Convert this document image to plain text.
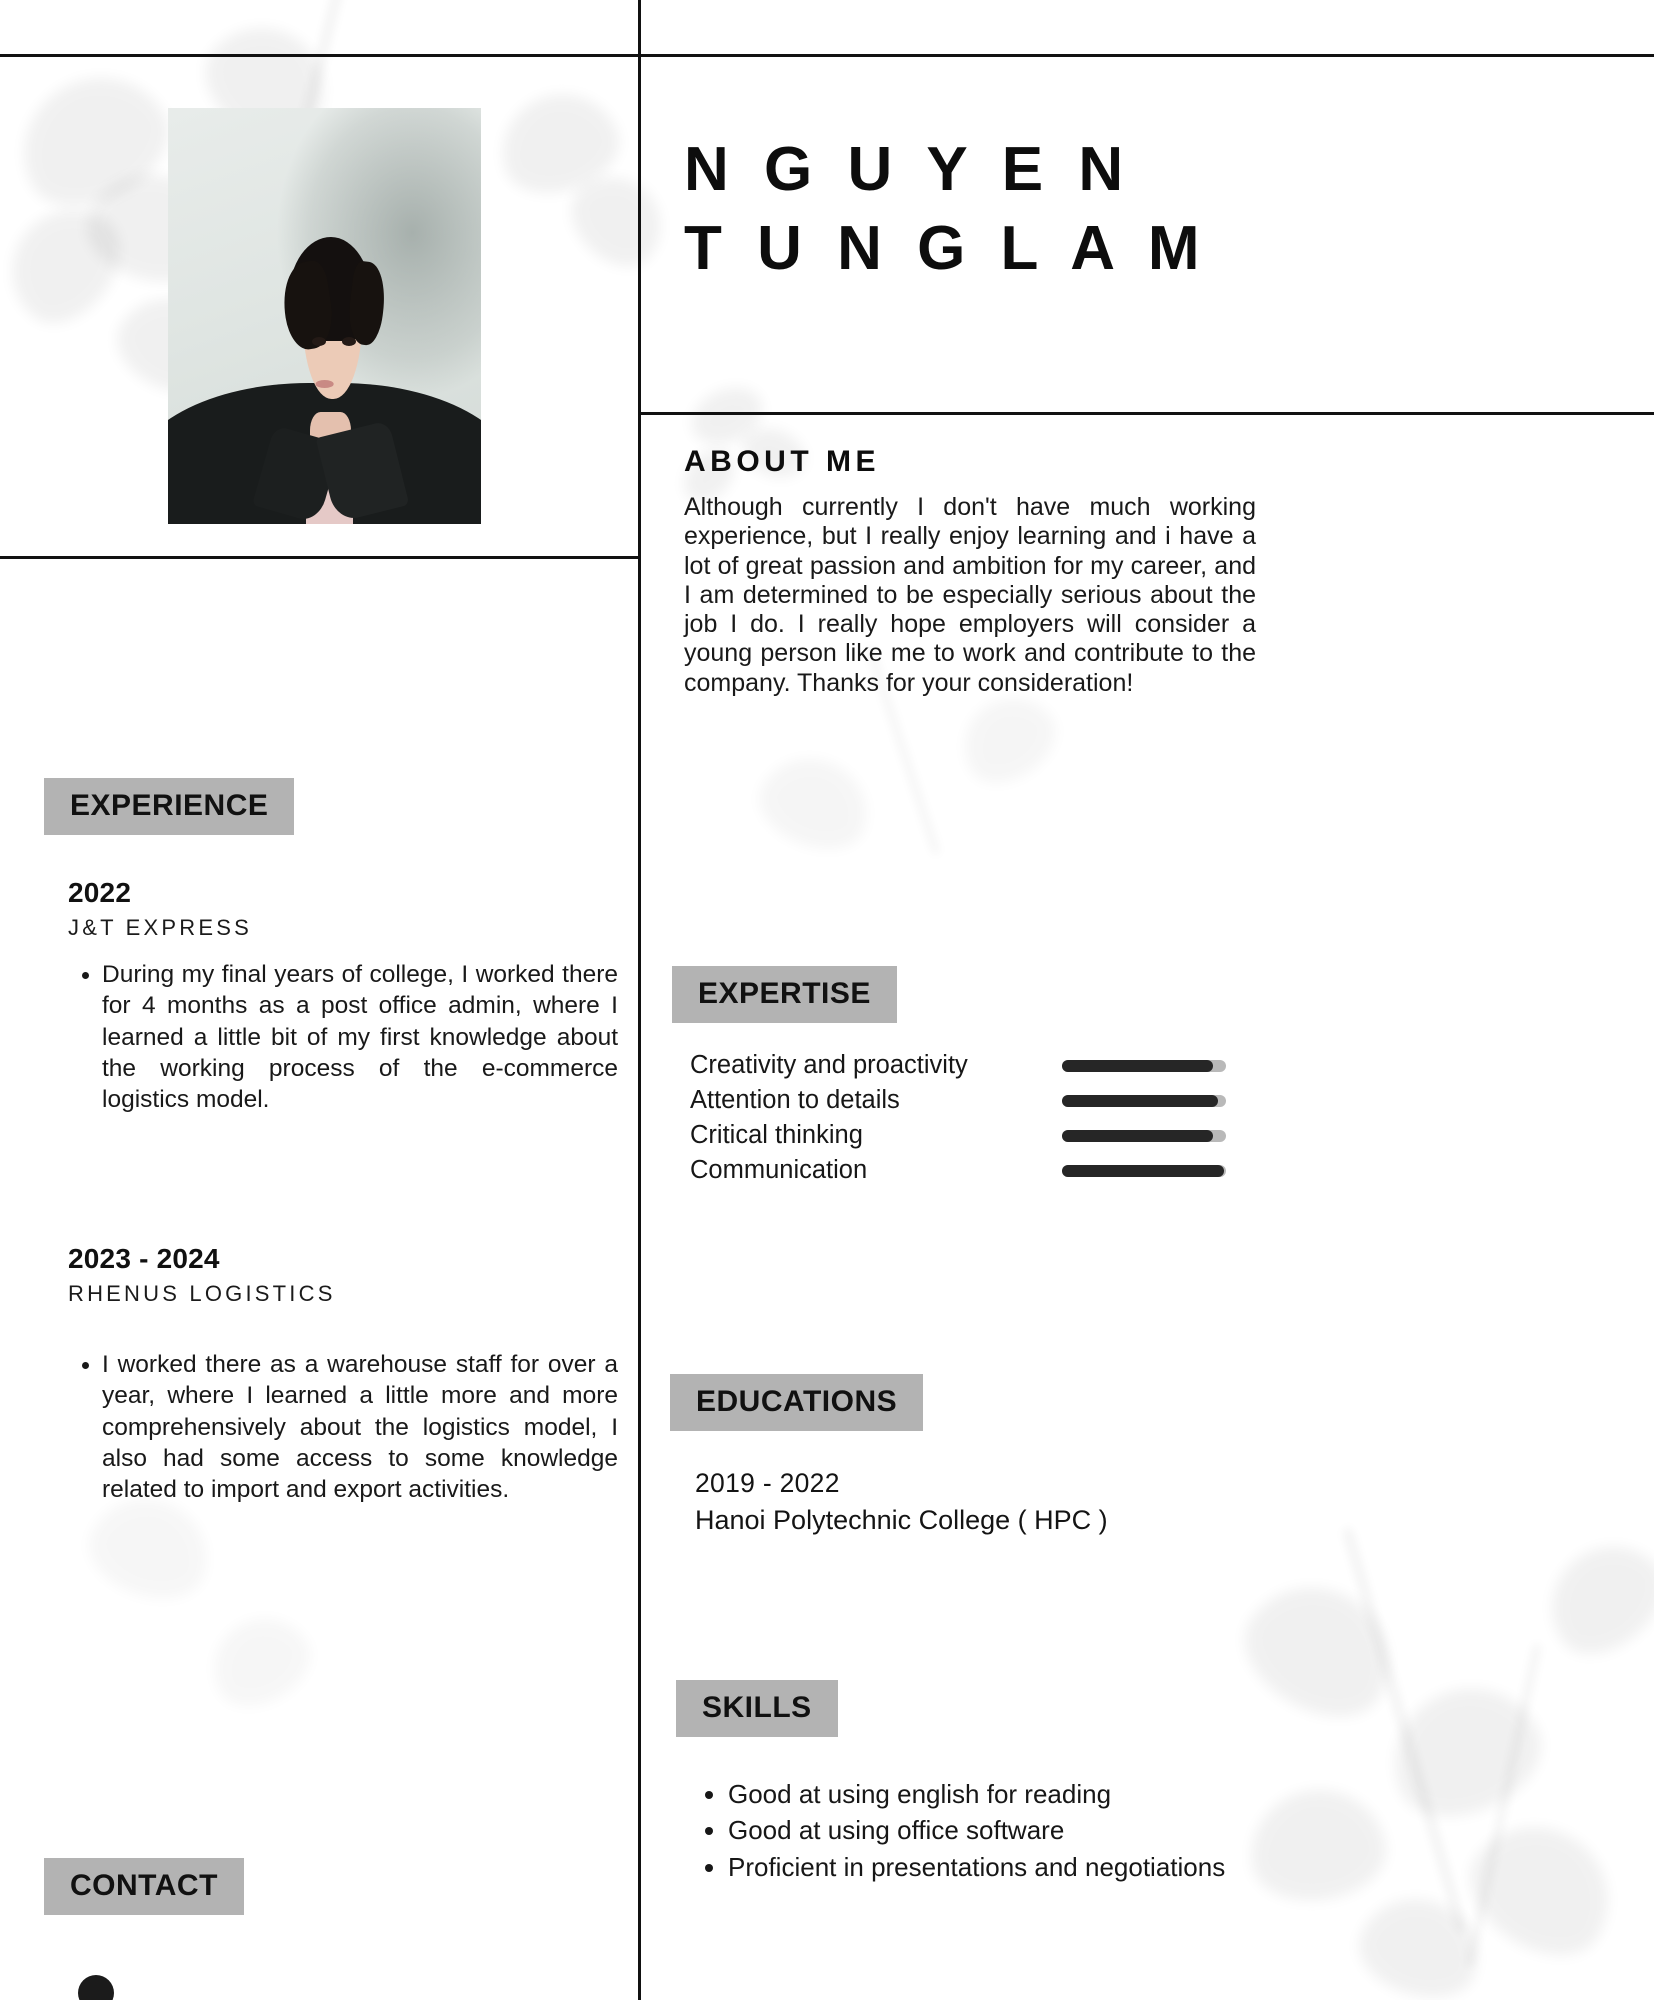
EXPERIENCE
2022
J&T EXPRESS
• During my final years of college, I worked there for 4 months as a post office admin, where I learned a little bit of my first knowledge about the working process of the e-commerce logistics model.
2023 - 2024
RHENUS LOGISTICS
• I worked there as a warehouse staff for over a year, where I learned a little more and more comprehensively about the logistics model, I also had some access to some knowledge related to import and export activities.
CONTACT
N G U Y E N
T U N G L A M
ABOUT ME
Although currently I don't have much working experience, but I really enjoy learning and i have a lot of great passion and ambition for my career, and I am determined to be especially serious about the job I do. I really hope employers will consider a young person like me to work and contribute to the company. Thanks for your consideration!
EXPERTISE
Creativity and proactivity
Attention to details
Critical thinking
Communication
EDUCATIONS
2019 - 2022
Hanoi Polytechnic College ( HPC )
SKILLS
• Good at using english for reading
• Good at using office software
• Proficient in presentations and negotiations
